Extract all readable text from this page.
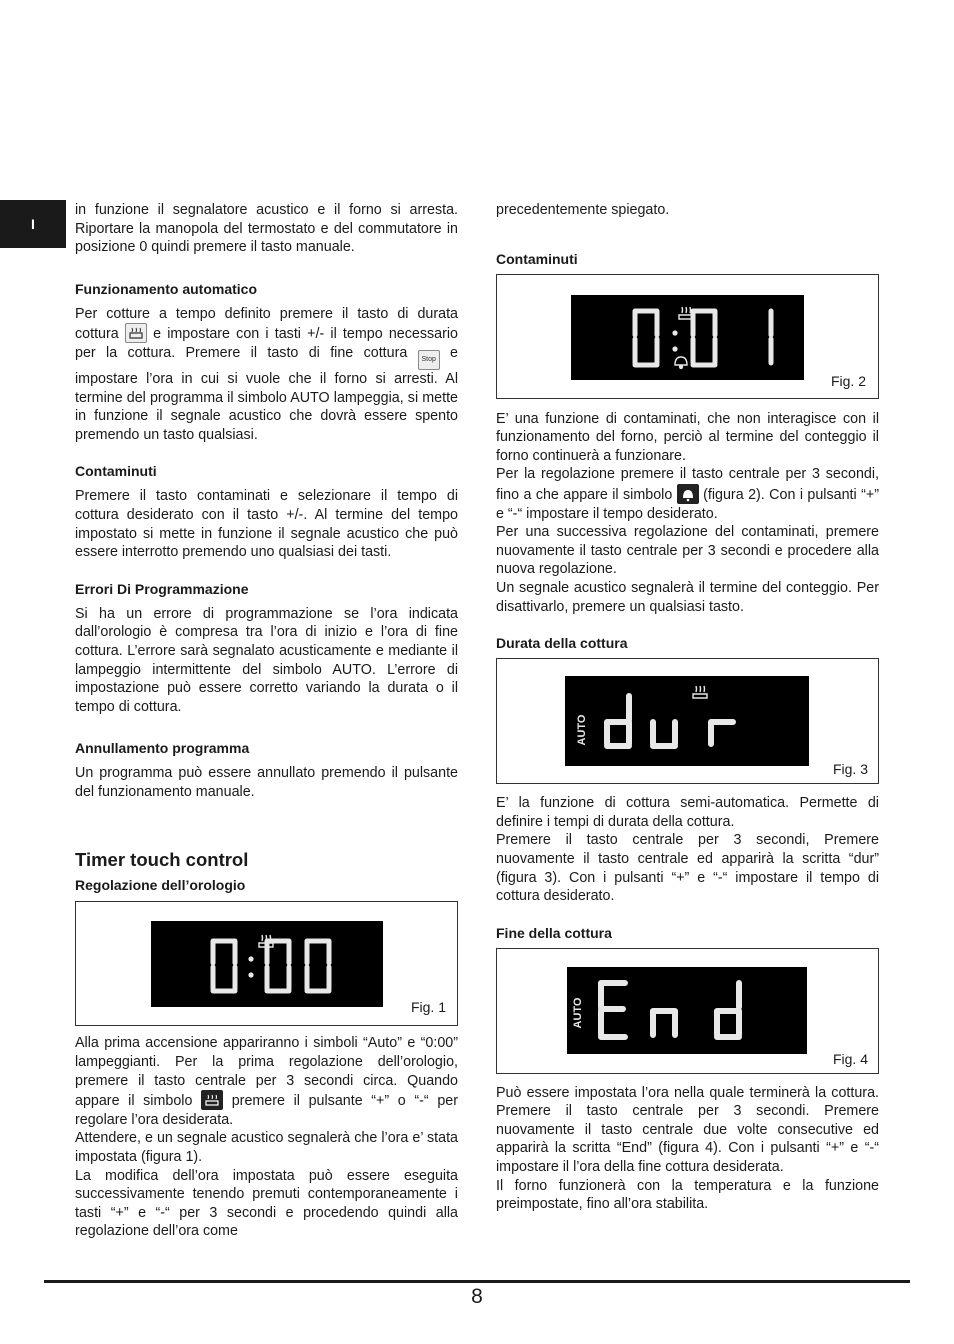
I

in funzione il segnalatore acustico e il forno si arresta. Riportare la manopola del termostato e del commutatore in posizione 0 quindi premere il tasto manuale.

Funzionamento automatico

Per cotture a tempo definito premere il tasto di durata cottura e impostare con i tasti +/- il tempo necessario per la cottura. Premere il tasto di fine cottura Stop e impostare l’ora in cui si vuole che il forno si arresti. Al termine del programma il simbolo AUTO lampeggia, si mette in funzione il segnale acustico che dovrà essere spento premendo un tasto qualsiasi.

Contaminuti

Premere il tasto contaminati e selezionare il tempo di cottura desiderato con il tasto +/-. Al termine del tempo impostato si mette in funzione il segnale acustico che può essere interrotto premendo uno qualsiasi dei tasti.

Errori Di Programmazione

Si ha un errore di programmazione se l’ora indicata dall’orologio è compresa tra l’ora di inizio e l’ora di fine cottura. L’errore sarà segnalato acusticamente e mediante il lampeggio intermittente del simbolo AUTO. L’errore di impostazione può essere corretto variando la durata o il tempo di cottura.

Annullamento programma

Un programma può essere annullato premendo il pulsante del funzionamento manuale.

Timer touch control
Regolazione dell’orologio
Fig. 1

Alla prima accensione appariranno i simboli “Auto” e “0:00” lampeggianti. Per la prima regolazione dell’orologio, premere il tasto centrale per 3 secondi circa. Quando appare il simbolo	premere il pulsante “+” o “-“ per regolare l’ora desiderata.

Attendere, e un segnale acustico segnalerà che l’ora e’ stata impostata (figura 1).

La modifica dell’ora impostata può essere eseguita successivamente tenendo premuti contemporaneamente i tasti “+” e “-“ per 3 secondi e procedendo quindi alla regolazione dell’ora come

precedentemente spiegato.

Contaminuti
Fig. 2

E’ una funzione di contaminati, che non interagisce con il funzionamento del forno, perciò al termine del conteggio il forno continuerà a funzionare.

Per la regolazione premere il tasto centrale per 3 secondi, fino a che appare il simbolo (figura 2). Con i pulsanti “+” e “-“ impostare il tempo desiderato.

Per una successiva regolazione del contaminati, premere nuovamente il tasto centrale per 3 secondi e procedere alla nuova regolazione.

Un segnale acustico segnalerà il termine del conteggio. Per disattivarlo, premere un qualsiasi tasto.

Durata della cottura
AUTO
Fig. 3

E’ la funzione di cottura semi-automatica. Permette di definire i tempi di durata della cottura.

Premere il tasto centrale per 3 secondi, Premere nuovamente il tasto centrale ed apparirà la scritta “dur” (figura 3). Con i pulsanti “+” e “-“ impostare il tempo di cottura desiderato.

Fine della cottura
AUTO
Fig. 4

Può essere impostata l’ora nella quale terminerà la cottura. Premere il tasto centrale per 3 secondi. Premere nuovamente il tasto centrale due volte consecutive ed apparirà la scritta “End” (figura 4). Con i pulsanti “+” e “-“ impostare il l’ora della fine cottura desiderata.

Il forno funzionerà con la temperatura e la funzione preimpostate, fino all’ora stabilita.

8
